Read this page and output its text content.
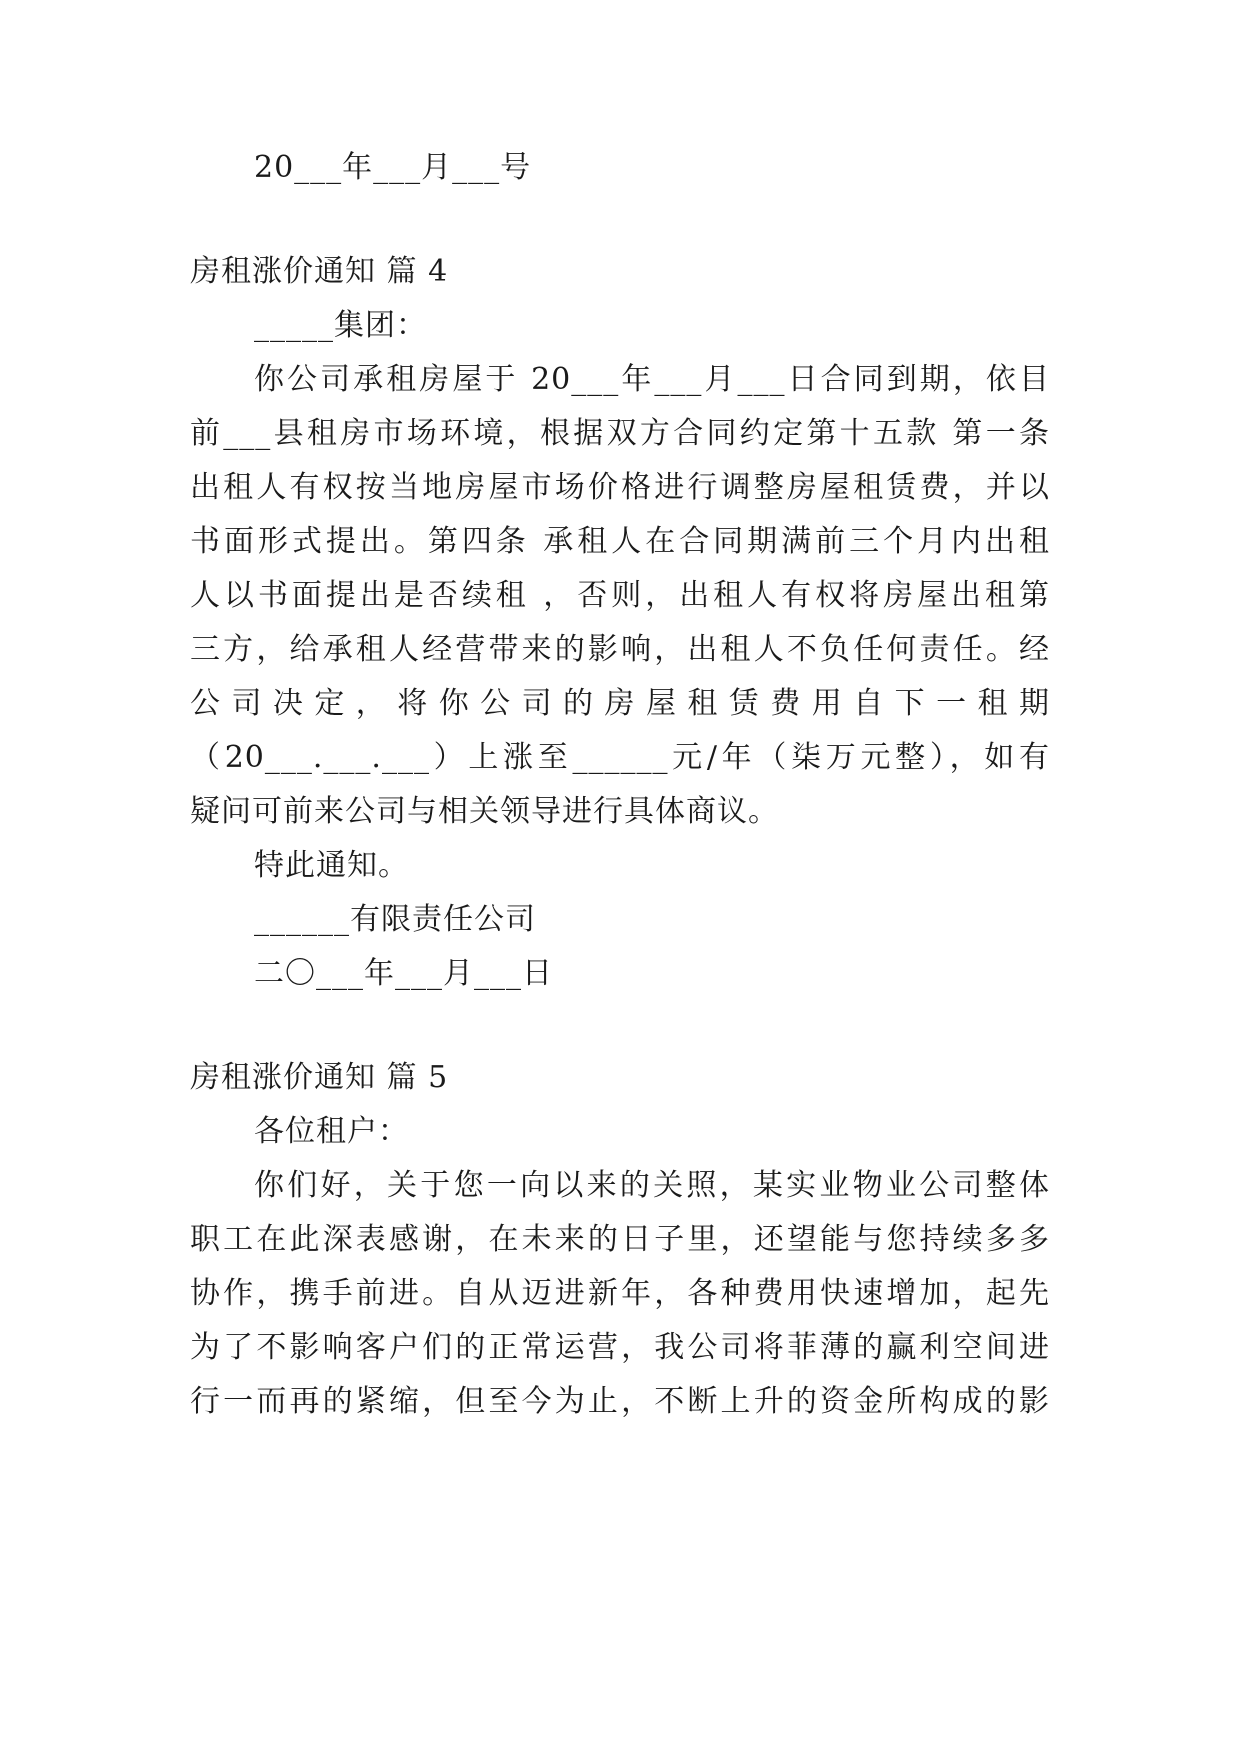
20___年___月___号
房租涨价通知 篇 4
_____集团：
你公司承租房屋于 20___年___月___日合同到期，依目
前___县租房市场环境，根据双方合同约定第十五款 第一条
出租人有权按当地房屋市场价格进行调整房屋租赁费，并以
书面形式提出。第四条 承租人在合同期满前三个月内出租
人以书面提出是否续租 ，否则，出租人有权将房屋出租第
三方，给承租人经营带来的影响，出租人不负任何责任。经
公司决定，将你公司的房屋租赁费用自下一租期
（20___.___.___）上涨至______元/年（柒万元整），如有
疑问可前来公司与相关领导进行具体商议。
特此通知。
______有限责任公司
二〇___年___月___日
房租涨价通知 篇 5
各位租户：
你们好，关于您一向以来的关照，某实业物业公司整体
职工在此深表感谢，在未来的日子里，还望能与您持续多多
协作，携手前进。自从迈进新年，各种费用快速增加，起先
为了不影响客户们的正常运营，我公司将菲薄的赢利空间进
行一而再的紧缩，但至今为止，不断上升的资金所构成的影
